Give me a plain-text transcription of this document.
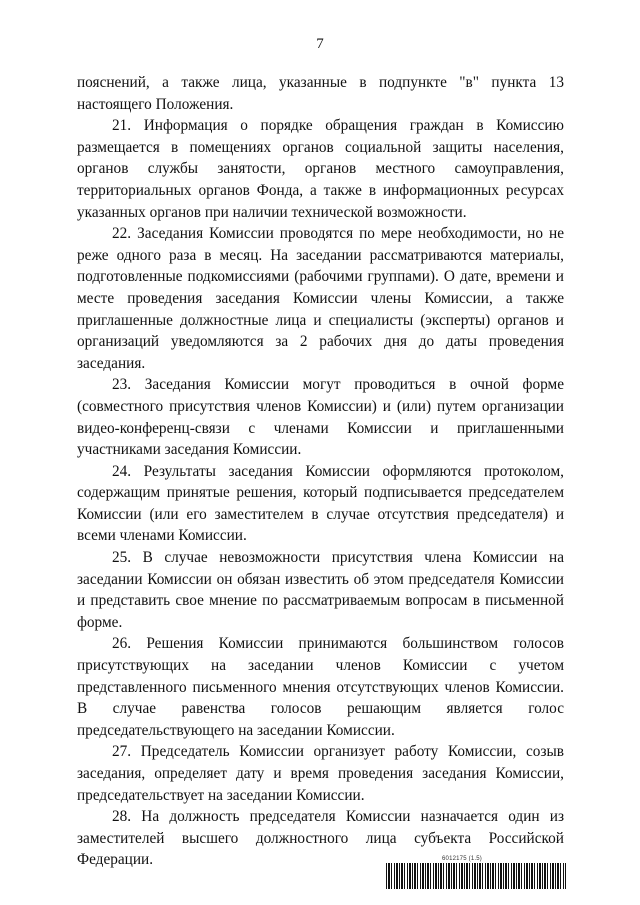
7

пояснений, а также лица, указанные в подпункте "в" пункта 13 настоящего Положения.

21. Информация о порядке обращения граждан в Комиссию размещается в помещениях органов социальной защиты населения, органов службы занятости, органов местного самоуправления, территориальных органов Фонда, а также в информационных ресурсах указанных органов при наличии технической возможности.

22. Заседания Комиссии проводятся по мере необходимости, но не реже одного раза в месяц. На заседании рассматриваются материалы, подготовленные подкомиссиями (рабочими группами). О дате, времени и месте проведения заседания Комиссии члены Комиссии, а также приглашенные должностные лица и специалисты (эксперты) органов и организаций уведомляются за 2 рабочих дня до даты проведения заседания.

23. Заседания Комиссии могут проводиться в очной форме (совместного присутствия членов Комиссии) и (или) путем организации видео-конференц-связи с членами Комиссии и приглашенными участниками заседания Комиссии.

24. Результаты заседания Комиссии оформляются протоколом, содержащим принятые решения, который подписывается председателем Комиссии (или его заместителем в случае отсутствия председателя) и всеми членами Комиссии.

25. В случае невозможности присутствия члена Комиссии на заседании Комиссии он обязан известить об этом председателя Комиссии и представить свое мнение по рассматриваемым вопросам в письменной форме.

26. Решения Комиссии принимаются большинством голосов присутствующих на заседании членов Комиссии с учетом представленного письменного мнения отсутствующих членов Комиссии. В случае равенства голосов решающим является голос председательствующего на заседании Комиссии.

27. Председатель Комиссии организует работу Комиссии, созыв заседания, определяет дату и время проведения заседания Комиссии, председательствует на заседании Комиссии.

28. На должность председателя Комиссии назначается один из заместителей высшего должностного лица субъекта Российской Федерации.	6012175 (1.5)
